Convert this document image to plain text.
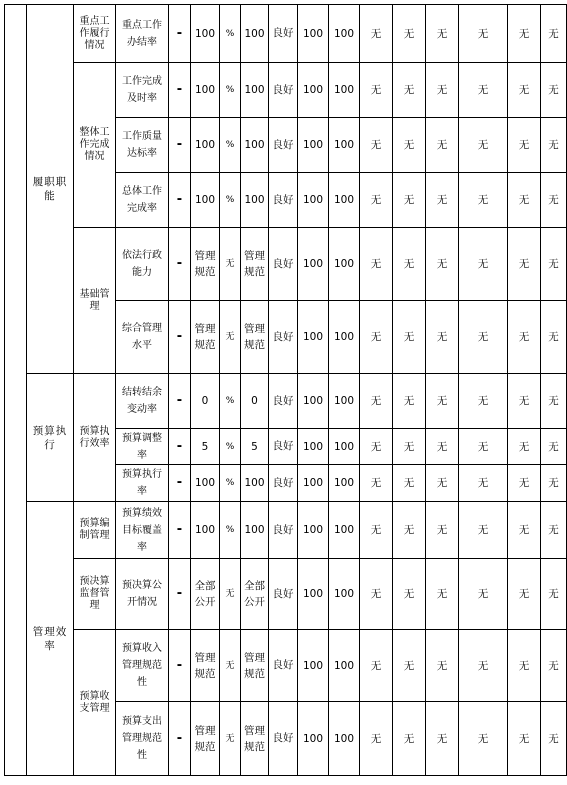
	履职职能	重点工作履行情况	重点工作办结率	-	100	%	100	良好	100	100	无	无	无	无	无	无
		整体工作完成情况	工作完成及时率	-	100	%	100	良好	100	100	无	无	无	无	无	无
			工作质量达标率	-	100	%	100	良好	100	100	无	无	无	无	无	无
			总体工作完成率	-	100	%	100	良好	100	100	无	无	无	无	无	无
		基础管理	依法行政能力	-	管理规范	无	管理规范	良好	100	100	无	无	无	无	无	无
			综合管理水平	-	管理规范	无	管理规范	良好	100	100	无	无	无	无	无	无
	预算执行	预算执行效率	结转结余变动率	-	0	%	0	良好	100	100	无	无	无	无	无	无
			预算调整率	-	5	%	5	良好	100	100	无	无	无	无	无	无
			预算执行率	-	100	%	100	良好	100	100	无	无	无	无	无	无
	管理效率	预算编制管理	预算绩效目标覆盖率	-	100	%	100	良好	100	100	无	无	无	无	无	无
		预决算监督管理	预决算公开情况	-	全部公开	无	全部公开	良好	100	100	无	无	无	无	无	无
		预算收支管理	预算收入管理规范性	-	管理规范	无	管理规范	良好	100	100	无	无	无	无	无	无
			预算支出管理规范性	-	管理规范	无	管理规范	良好	100	100	无	无	无	无	无	无
